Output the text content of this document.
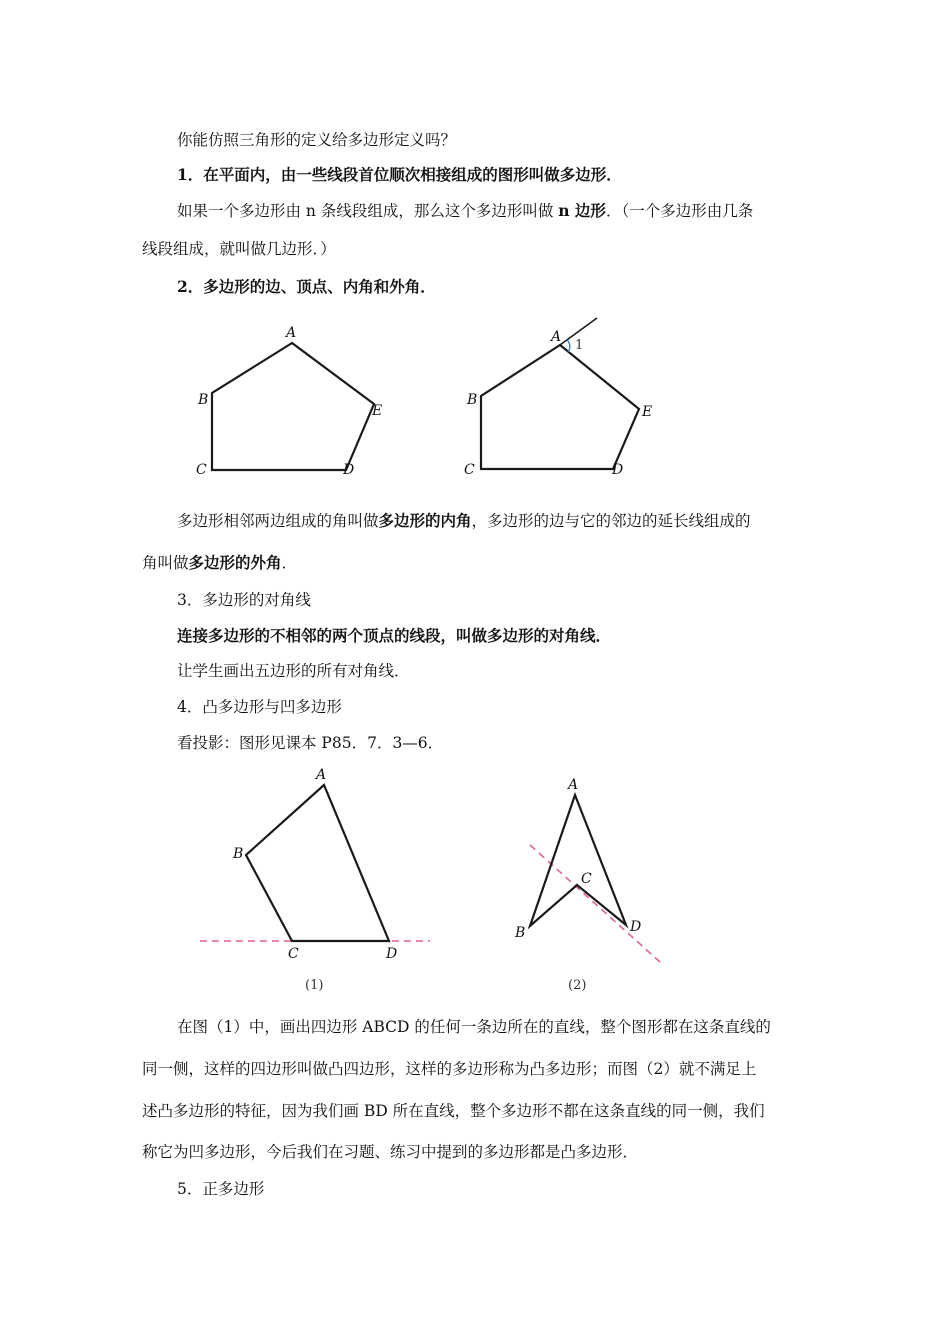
你能仿照三角形的定义给多边形定义吗？
1．在平面内，由一些线段首位顺次相接组成的图形叫做多边形．
如果一个多边形由 n 条线段组成，那么这个多边形叫做 n 边形．（一个多边形由几条
线段组成，就叫做几边形．）
2．多边形的边、顶点、内角和外角．
A
B
C	D
E
A
1
B
C	D
E
多边形相邻两边组成的角叫做多边形的内角，多边形的边与它的邻边的延长线组成的
角叫做多边形的外角．
3．多边形的对角线
连接多边形的不相邻的两个顶点的线段，叫做多边形的对角线．
让学生画出五边形的所有对角线．
4．凸多边形与凹多边形
看投影：图形见课本 P85．7．3—6．
A
B
C	D
(1)
A
B
C
D
(2)
在图（1）中，画出四边形 ABCD 的任何一条边所在的直线，整个图形都在这条直线的
同一侧，这样的四边形叫做凸四边形，这样的多边形称为凸多边形；而图（2）就不满足上
述凸多边形的特征，因为我们画 BD 所在直线，整个多边形不都在这条直线的同一侧，我们
称它为凹多边形，今后我们在习题、练习中提到的多边形都是凸多边形．
5．正多边形
